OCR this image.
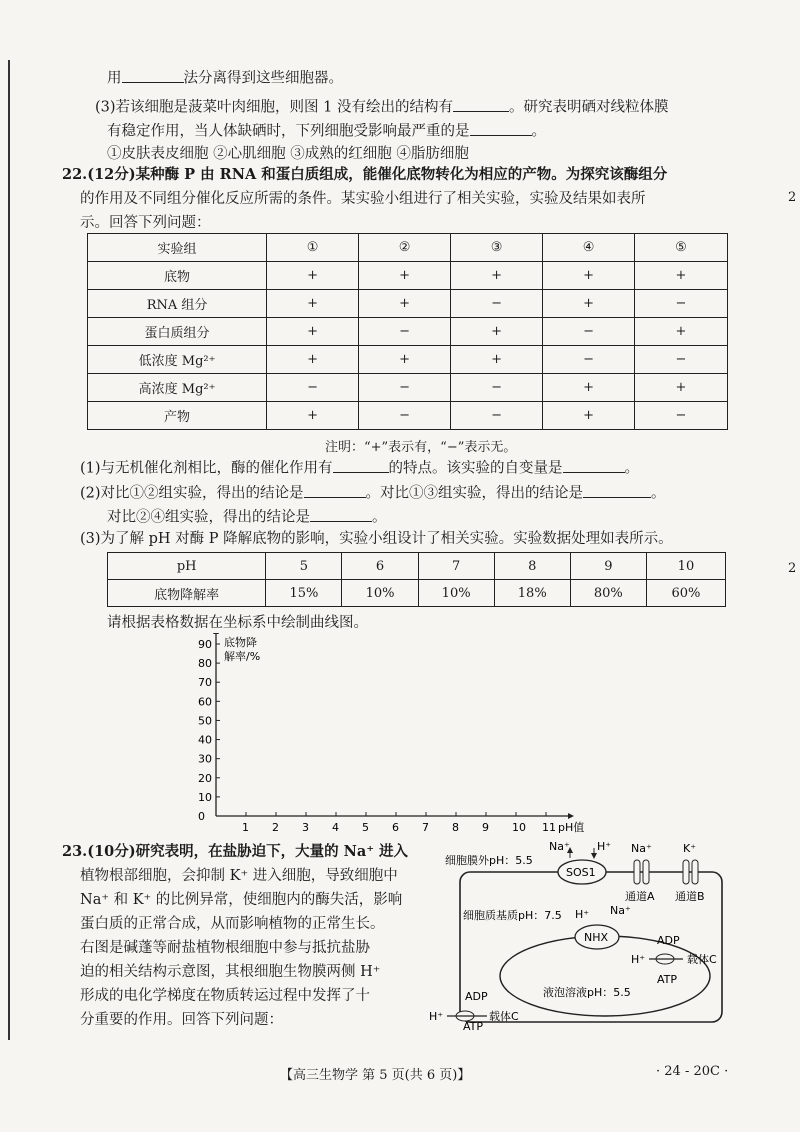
用	法分离得到这些细胞器。
(3)若该细胞是菠菜叶肉细胞，则图 1 没有绘出的结构有	。研究表明硒对线粒体膜
有稳定作用，当人体缺硒时，下列细胞受影响最严重的是	。
①皮肤表皮细胞 ②心肌细胞 ③成熟的红细胞 ④脂肪细胞
22.(12分)某种酶 P 由 RNA 和蛋白质组成，能催化底物转化为相应的产物。为探究该酶组分
的作用及不同组分催化反应所需的条件。某实验小组进行了相关实验，实验及结果如表所
示。回答下列问题：
实验组	①	②	③	④	⑤
底物	+	+	+	+	+
RNA 组分	+	+	−	+	−
蛋白质组分	+	−	+	−	+
低浓度 Mg²⁺	+	+	+	−	−
高浓度 Mg²⁺	−	−	−	+	+
产物	+	−	−	+	−
注明：“+”表示有，“−”表示无。
(1)与无机催化剂相比，酶的催化作用有	的特点。该实验的自变量是	。
(2)对比①②组实验，得出的结论是	。对比①③组实验，得出的结论是	。
对比②④组实验，得出的结论是	。
(3)为了解 pH 对酶 P 降解底物的影响，实验小组设计了相关实验。实验数据处理如表所示。
pH	5	6	7	8	9	10
底物降解率	15%	10%	10%	18%	80%	60%
请根据表格数据在坐标系中绘制曲线图。
1 2 3 4 5 6 7 8 9 10 11
0
10
20
30
40
50
60
70
80
90 底物降
解率/%
pH值
23.(10分)研究表明，在盐胁迫下，大量的 Na⁺ 进入
植物根部细胞，会抑制 K⁺ 进入细胞，导致细胞中
Na⁺ 和 K⁺ 的比例异常，使细胞内的酶失活，影响
蛋白质的正常合成，从而影响植物的正常生长。
右图是碱蓬等耐盐植物根细胞中参与抵抗盐胁
迫的相关结构示意图，其根细胞生物膜两侧 H⁺
形成的电化学梯度在物质转运过程中发挥了十
分重要的作用。回答下列问题：
细胞膜外pH：5.5
细胞质基质pH：7.5
液泡溶液pH：5.5
SOS1
Na⁺ H⁺ Na⁺
通道A
K⁺
通道B
NHX
H⁺ Na⁺
ADP
H⁺	载体C
ATP
ADP
H⁺	载体C
ATP
【高三生物学 第 5 页(共 6 页)】	· 24 - 20C ·
2
2
